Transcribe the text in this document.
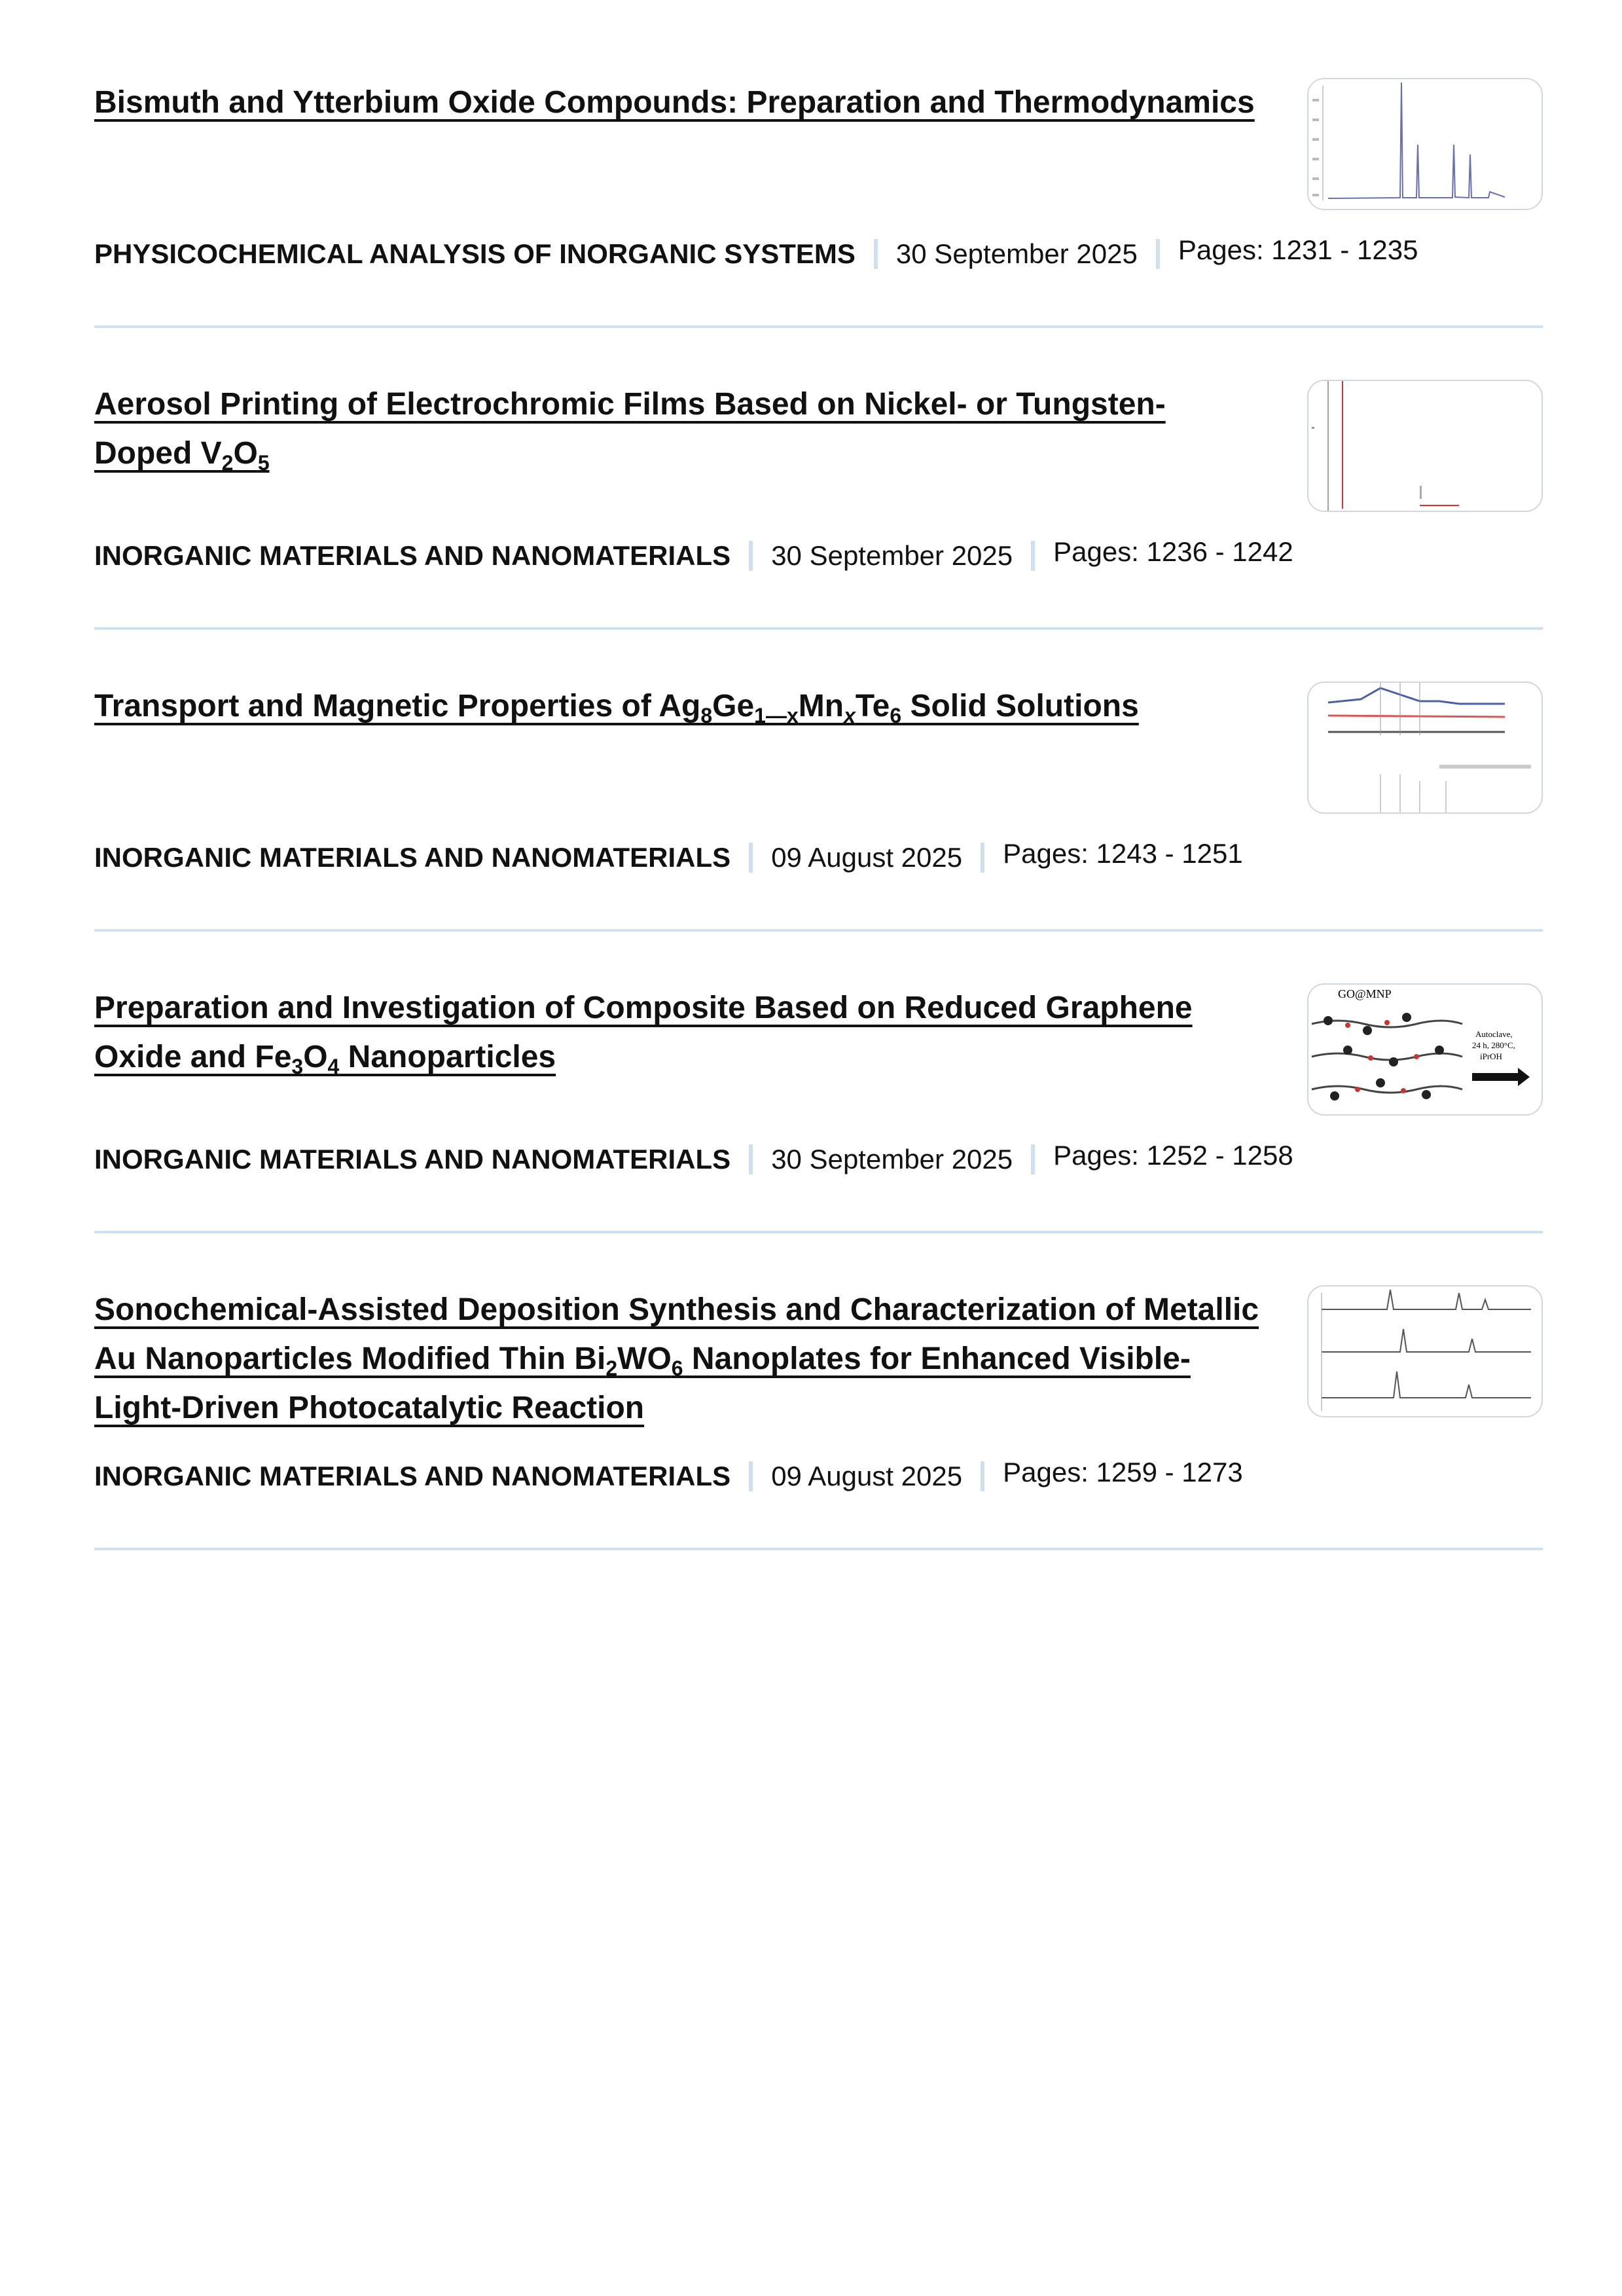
Bismuth and Ytterbium Oxide Compounds: Preparation and Thermodynamics
PHYSICOCHEMICAL ANALYSIS OF INORGANIC SYSTEMS 30 September 2025 Pages: 1231 - 1235
Aerosol Printing of Electrochromic Films Based on Nickel- or Tungsten-Doped $V_2O_5$
INORGANIC MATERIALS AND NANOMATERIALS 30 September 2025 Pages: 1236 - 1242
Transport and Magnetic Properties of $Ag_8Ge_{1—x}Mn_xTe_6$ Solid Solutions
INORGANIC MATERIALS AND NANOMATERIALS 09 August 2025 Pages: 1243 - 1251
Preparation and Investigation of Composite Based on Reduced Graphene Oxide and $Fe_3O_4$ Nanoparticles
GO@MNP
Autoclave,
24 h, 280°C,
iPrOH
INORGANIC MATERIALS AND NANOMATERIALS 30 September 2025 Pages: 1252 - 1258
Sonochemical-Assisted Deposition Synthesis and Characterization of Metallic Au Nanoparticles Modified Thin $Bi_2WO_6$ Nanoplates for Enhanced Visible-Light-Driven Photocatalytic Reaction
INORGANIC MATERIALS AND NANOMATERIALS 09 August 2025 Pages: 1259 - 1273
